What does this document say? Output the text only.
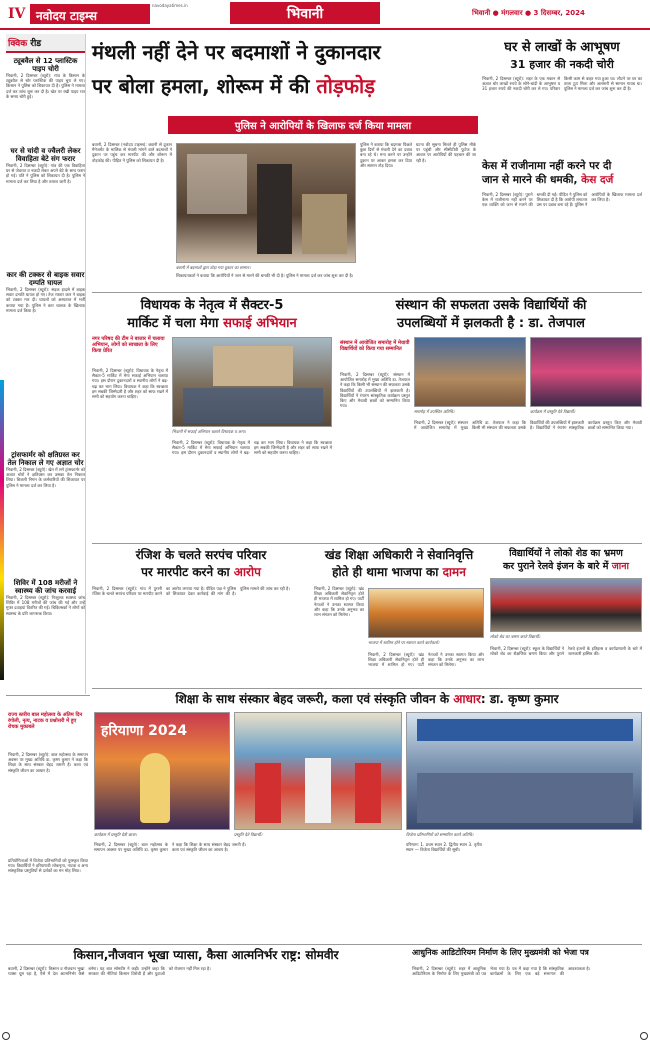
IV नवोदय टाइम्स
navodayatimes.in
भिवानी	भिवानी ● मंगलवार ● 3 दिसम्बर, 2024
क्विक रीड
ट्यूबवैल से 12 प्लास्टिक पाइप चोरी
भिवानी, 2 दिसम्बर (ब्यूरो): गांव के किसान के ट्यूबवैल से चोर प्लास्टिक की पाइप चुरा ले गए। किसान ने पुलिस को शिकायत दी है। पुलिस ने मामला दर्ज कर जांच शुरू कर दी है। खेत पर रखी पाइप रात के समय चोरी हुई।
घर से चांदी व ज्वैलरी लेकर विवाहिता बेटे संग फरार
भिवानी, 2 दिसम्बर (ब्यूरो): गांव की एक विवाहिता घर से जेवरात व नकदी लेकर अपने बेटे के साथ फरार हो गई। पति ने पुलिस को शिकायत दी है। पुलिस ने मामला दर्ज कर लिया है और तलाश जारी है।
कार की टक्कर से बाइक सवार दम्पति घायल
भिवानी, 2 दिसम्बर (ब्यूरो): सड़क हादसे में बाइक सवार दम्पति घायल हो गए। तेज रफ्तार कार ने बाइक को टक्कर मार दी। घायलों को अस्पताल में भर्ती कराया गया है। पुलिस ने कार चालक के खिलाफ मामला दर्ज किया है।
ट्रांसफार्मर को क्षतिग्रस्त कर तेल निकाल ले गए अज्ञात चोर
भिवानी, 2 दिसम्बर (ब्यूरो): खेत में लगे ट्रांसफार्मर को अज्ञात चोरों ने क्षतिग्रस्त कर उसका तेल निकाल लिया। बिजली निगम के कर्मचारियों की शिकायत पर पुलिस ने मामला दर्ज कर लिया है।
शिविर में 108 मरीजों ने स्वास्थ्य की जांच करवाई
भिवानी, 2 दिसम्बर (ब्यूरो): निःशुल्क स्वास्थ्य जांच शिविर में 108 मरीजों की जांच की गई और उन्हें मुफ्त दवाइयां वितरित की गईं। चिकित्सकों ने लोगों को स्वास्थ्य के प्रति जागरूक किया।
मंथली नहीं देने पर बदमाशों ने दुकानदार
पर बोला हमला, शोरूम में की तोड़फोड़
पुलिस ने आरोपियों के खिलाफ दर्ज किया मामला
बवानी, 2 दिसम्बर (नवोदय टाइम्स): बवानी से दुकान मैनेजमेंट के मालिक से मंथली मांगने वाले बदमाशों ने दुकान पर पहुंच कर मारपीट की और शोरूम में तोड़फोड़ की। पीड़ित ने पुलिस को शिकायत दी है।
बवानी में बदमाशों द्वारा तोड़ा गया दुकान का सामान।
पुलिस ने बताया कि बदमाश पिछले कुछ दिनों से मंथली देने का दबाव बना रहे थे। मना करने पर उन्होंने दुकान पर आकर हमला कर दिया और सामान तोड़ दिया।
घटना की सूचना मिलते ही पुलिस मौके पर पहुंची और सीसीटीवी फुटेज के आधार पर आरोपियों की पहचान की जा रही है।
शिकायतकर्ता ने बताया कि आरोपियों ने जान से मारने की धमकी भी दी है। पुलिस ने मामला दर्ज कर जांच शुरू कर दी है।
घर से लाखों के आभूषण
31 हजार की नकदी चोरी
भिवानी, 2 दिसम्बर (ब्यूरो): शहर के एक मकान से अज्ञात चोर लाखों रुपये के सोने-चांदी के आभूषण व 31 हजार रुपये की नकदी चोरी कर ले गए। परिवार किसी काम से बाहर गया हुआ था। लौटने पर घर का ताला टूटा मिला और अलमारी से सामान गायब था। पुलिस ने मामला दर्ज कर जांच शुरू कर दी है।
केस में राजीनामा नहीं करने पर दी
जान से मारने की धमकी, केस दर्ज
भिवानी, 2 दिसम्बर (ब्यूरो): पुराने केस में राजीनामा नहीं करने पर एक व्यक्ति को जान से मारने की धमकी दी गई। पीड़ित ने पुलिस को शिकायत दी है कि आरोपी लगातार उस पर दबाव बना रहे हैं। पुलिस ने आरोपियों के खिलाफ मामला दर्ज कर लिया है।
विधायक के नेतृत्व में सैक्टर-5
मार्किट में चला मेगा सफाई अभियान
नगर परिषद की टीम ने बाजार में चलाया अभियान, लोगों को स्वच्छता के लिए किया प्रेरित
भिवानी, 2 दिसम्बर (ब्यूरो): विधायक के नेतृत्व में सैक्टर-5 मार्किट में मेगा सफाई अभियान चलाया गया। इस दौरान दुकानदारों व स्थानीय लोगों ने बढ़-चढ़ कर भाग लिया। विधायक ने कहा कि स्वच्छता हम सबकी जिम्मेदारी है और शहर को साफ रखने में सभी को सहयोग करना चाहिए।
भिवानी में सफाई अभियान चलाते विधायक व अन्य।
भिवानी, 2 दिसम्बर (ब्यूरो): विधायक के नेतृत्व में सैक्टर-5 मार्किट में मेगा सफाई अभियान चलाया गया। इस दौरान दुकानदारों व स्थानीय लोगों ने बढ़-चढ़ कर भाग लिया। विधायक ने कहा कि स्वच्छता हम सबकी जिम्मेदारी है और शहर को साफ रखने में सभी को सहयोग करना चाहिए।
संस्थान की सफलता उसके विद्यार्थियों की
उपलब्धियों में झलकती है : डा. तेजपाल
संस्थान में आयोजित समारोह में मेधावी विद्यार्थियों को किया गया सम्मानित
भिवानी, 2 दिसम्बर (ब्यूरो): संस्थान में आयोजित समारोह में मुख्य अतिथि डा. तेजपाल ने कहा कि किसी भी संस्थान की सफलता उसके विद्यार्थियों की उपलब्धियों में झलकती है। विद्यार्थियों ने रंगारंग सांस्कृतिक कार्यक्रम प्रस्तुत किए और मेधावी छात्रों को सम्मानित किया गया।
समारोह में उपस्थित अतिथि।	कार्यक्रम में प्रस्तुति देते विद्यार्थी।
भिवानी, 2 दिसम्बर (ब्यूरो): संस्थान में आयोजित समारोह में मुख्य अतिथि डा. तेजपाल ने कहा कि किसी भी संस्थान की सफलता उसके विद्यार्थियों की उपलब्धियों में झलकती है। विद्यार्थियों ने रंगारंग सांस्कृतिक कार्यक्रम प्रस्तुत किए और मेधावी छात्रों को सम्मानित किया गया।
रंजिश के चलते सरपंच परिवार
पर मारपीट करने का आरोप
भिवानी, 2 दिसम्बर (ब्यूरो): गांव में पुरानी रंजिश के चलते सरपंच परिवार पर मारपीट करने का आरोप लगाया गया है। पीड़ित पक्ष ने पुलिस को शिकायत देकर कार्रवाई की मांग की है। पुलिस मामले की जांच कर रही है।
खंड शिक्षा अधिकारी ने सेवानिवृत्ति
होते ही थामा भाजपा का दामन
भिवानी, 2 दिसम्बर (ब्यूरो): खंड शिक्षा अधिकारी सेवानिवृत्त होते ही भाजपा में शामिल हो गए। पार्टी नेताओं ने उनका स्वागत किया और कहा कि उनके अनुभव का लाभ संगठन को मिलेगा।
भाजपा में शामिल होने पर स्वागत करते कार्यकर्ता।
भिवानी, 2 दिसम्बर (ब्यूरो): खंड शिक्षा अधिकारी सेवानिवृत्त होते ही भाजपा में शामिल हो गए। पार्टी नेताओं ने उनका स्वागत किया और कहा कि उनके अनुभव का लाभ संगठन को मिलेगा।
विद्यार्थियों ने लोको शेड का भ्रमण
कर पुराने रेलवे इंजन के बारे में जाना
लोको शेड का भ्रमण करते विद्यार्थी।
भिवानी, 2 दिसम्बर (ब्यूरो): स्कूल के विद्यार्थियों ने लोको शेड का शैक्षणिक भ्रमण किया और पुराने रेलवे इंजनों के इतिहास व कार्यप्रणाली के बारे में जानकारी हासिल की।
शिक्षा के साथ संस्कार बेहद जरूरी, कला एवं संस्कृति जीवन के आधार: डा. कृष्ण कुमार
राज्य स्तरीय बाल महोत्सव के अंतिम दिन रंगोली, नृत्य, नाटक व प्रश्नोत्तरी में हुए रोचक मुकाबले
भिवानी, 2 दिसम्बर (ब्यूरो): बाल महोत्सव के समापन अवसर पर मुख्य अतिथि डा. कृष्ण कुमार ने कहा कि शिक्षा के साथ संस्कार बेहद जरूरी हैं। कला एवं संस्कृति जीवन का आधार है।
प्रतियोगिताओं में विजेता प्रतिभागियों को पुरस्कृत किया गया। विद्यार्थियों ने हरियाणवी लोकनृत्य, नाटक व अन्य सांस्कृतिक प्रस्तुतियों से दर्शकों का मन मोह लिया।
हरियाणा 2024
कार्यक्रम में प्रस्तुति देती छात्रा।	प्रस्तुति देते विद्यार्थी।	विजेता प्रतिभागियों को सम्मानित करते अतिथि।
भिवानी, 2 दिसम्बर (ब्यूरो): बाल महोत्सव के समापन अवसर पर मुख्य अतिथि डा. कृष्ण कुमार ने कहा कि शिक्षा के साथ संस्कार बेहद जरूरी हैं। कला एवं संस्कृति जीवन का आधार है।
परिणाम: 1. प्रथम स्थान 2. द्वितीय स्थान 3. तृतीय स्थान — विजेता विद्यार्थियों की सूची।
किसान,नौजवान भूखा प्यासा, कैसा आत्मनिर्भर राष्ट्र: सोमवीर
बवानी, 2 दिसम्बर (ब्यूरो): किसान व नौजवान भूखा प्यासा घूम रहा है, ऐसे में देश आत्मनिर्भर कैसे बनेगा। यह बात सोमवीर ने कही। उन्होंने कहा कि सरकार की नीतियां किसान विरोधी हैं और युवाओं को रोजगार नहीं मिल रहा है।
आधुनिक आडिटोरियम निर्माण के लिए मुख्यमंत्री को भेजा पत्र
भिवानी, 2 दिसम्बर (ब्यूरो): शहर में आधुनिक आडिटोरियम के निर्माण के लिए मुख्यमंत्री को पत्र भेजा गया है। पत्र में कहा गया है कि सांस्कृतिक कार्यक्रमों के लिए एक बड़े सभागार की आवश्यकता है।
